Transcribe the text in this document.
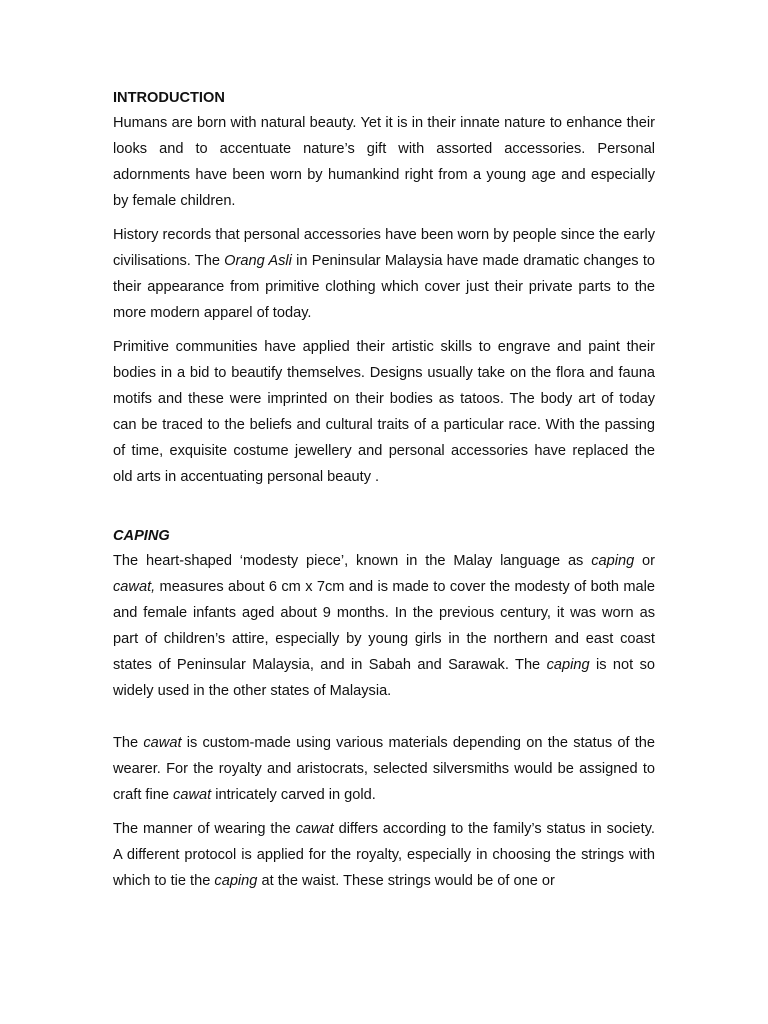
INTRODUCTION

Humans are born with natural beauty. Yet it is in their innate nature to enhance their looks and to accentuate nature’s gift with assorted accessories. Personal adornments have been worn by humankind right from a young age and especially by female children.

History records that personal accessories have been worn by people since the early civilisations. The Orang Asli in Peninsular Malaysia have made dramatic changes to their appearance from primitive clothing which cover just their private parts to the more modern apparel of today.

Primitive communities have applied their artistic skills to engrave and paint their bodies in a bid to beautify themselves. Designs usually take on the flora and fauna motifs and these were imprinted on their bodies as tatoos. The body art of today can be traced to the beliefs and cultural traits of a particular race. With the passing of time, exquisite costume jewellery and personal accessories have replaced the old arts in accentuating personal beauty .

CAPING

The heart-shaped ‘modesty piece’, known in the Malay language as caping or cawat, measures about 6 cm x 7cm and is made to cover the modesty of both male and female infants aged about 9 months. In the previous century, it was worn as part of children’s attire, especially by young girls in the northern and east coast states of Peninsular Malaysia, and in Sabah and Sarawak. The caping is not so widely used in the other states of Malaysia.

The cawat is custom-made using various materials depending on the status of the wearer. For the royalty and aristocrats, selected silversmiths would be assigned to craft fine cawat intricately carved in gold.

The manner of wearing the cawat differs according to the family’s status in society. A different protocol is applied for the royalty, especially in choosing the strings with which to tie the caping at the waist. These strings would be of one or
